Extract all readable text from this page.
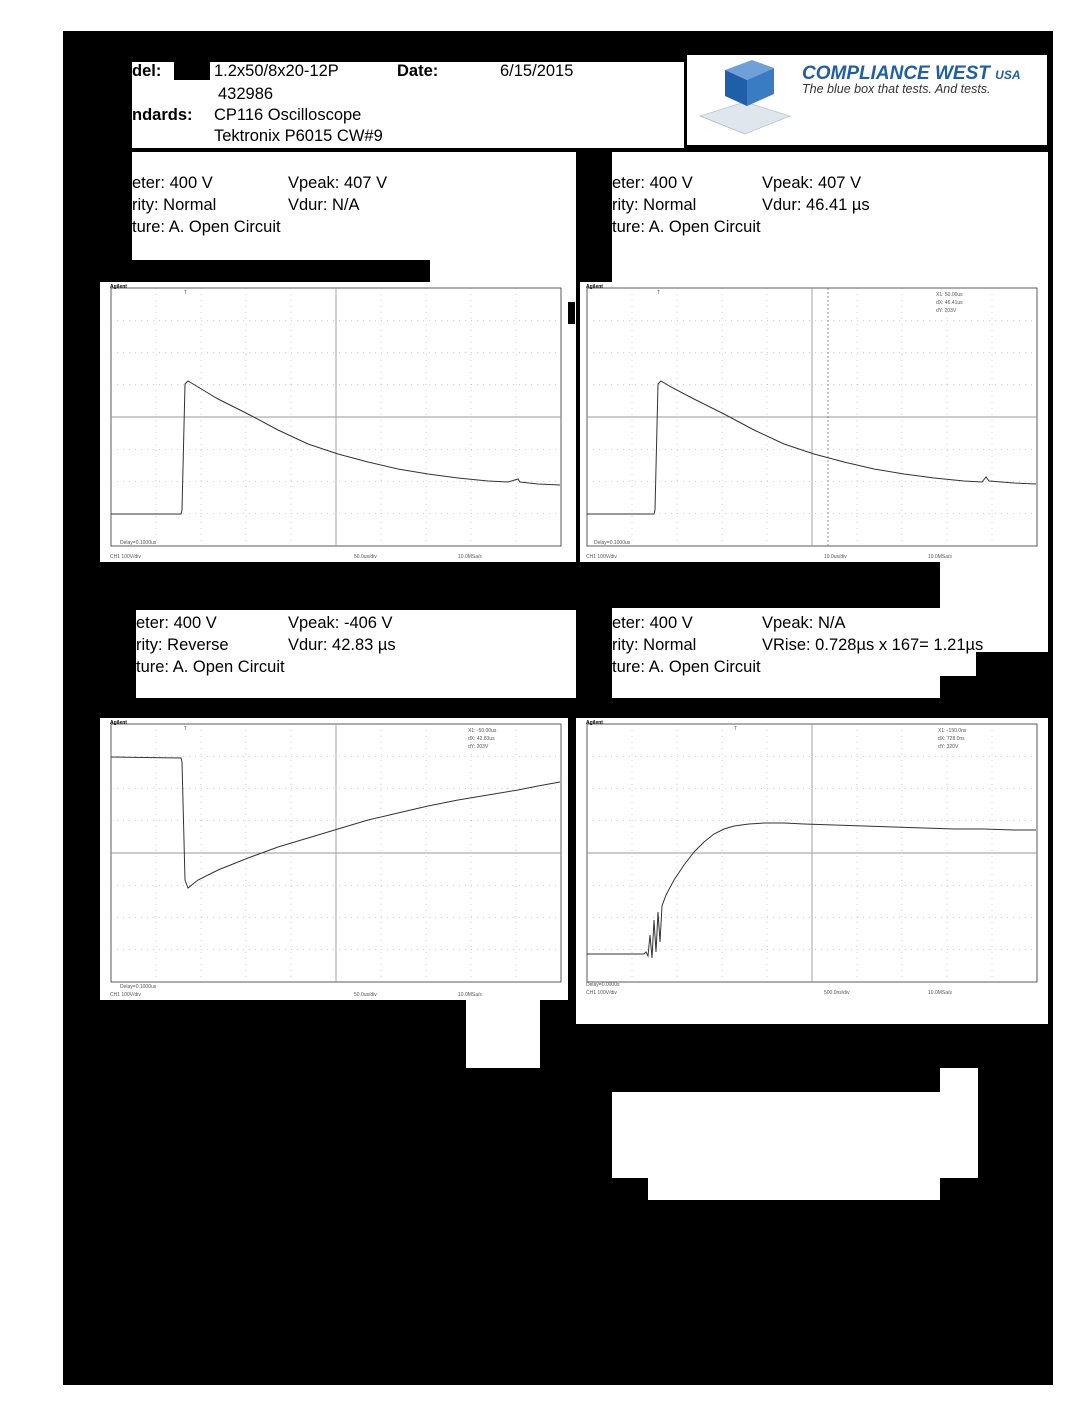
del:	1.2x50/8x20-12P	Date:	6/15/2015
432986
ndards: CP116 Oscilloscope
Tektronix P6015 CW#9
COMPLIANCE WEST USA
The blue box that tests. And tests.
eter: 400 V	Vpeak: 407 V
rity: Normal	Vdur: N/A
ture: A. Open Circuit
eter: 400 V	Vpeak: 407 V
rity: Normal	Vdur: 46.41 µs
ture: A. Open Circuit
eter: 400 V	Vpeak: -406 V
rity: Reverse	Vdur: 42.83 µs
ture: A. Open Circuit
eter: 400 V	Vpeak: N/A
rity: Normal	VRise: 0.728µs x 167= 1.21µs
ture: A. Open Circuit
Agilent
T
Delay=0.1000us
CH1 100V/div	50.0us/div	10.0MSa/s
Agilent
T	X1: 50.00us
dX: 46.41us
dY: 203V
Delay=0.1000us
CH1 100V/div	10.0us/div	10.0MSa/s
Agilent
T	X1: -50.00us
dX: 42.83us
dY: 203V
Delay=0.1000us
CH1 100V/div	50.0us/div	10.0MSa/s
Agilent
T	X1: -150.0ns
dX: 728.0ns
dY: 320V
Delay=0.0000s
CH1 100V/div	500.0ns/div	10.0MSa/s
